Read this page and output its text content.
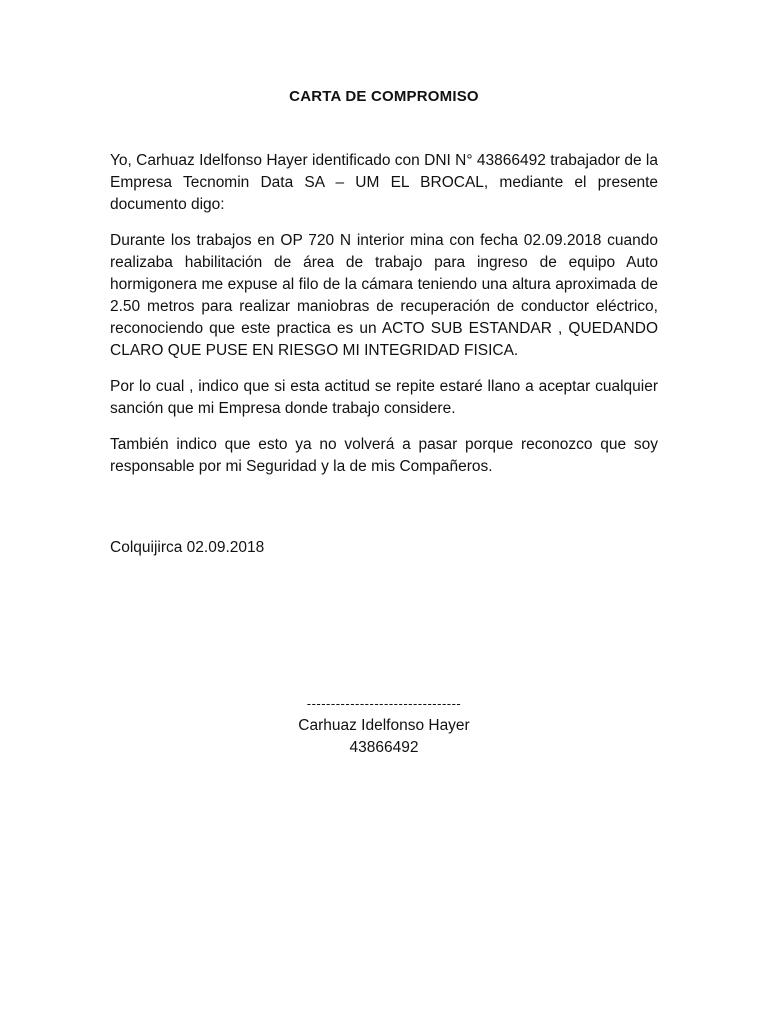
CARTA DE COMPROMISO

Yo, Carhuaz Idelfonso Hayer identificado con DNI N° 43866492 trabajador de la Empresa Tecnomin Data SA – UM EL BROCAL, mediante el presente documento digo:

Durante los trabajos en OP 720 N interior mina con fecha 02.09.2018 cuando realizaba habilitación de área de trabajo para ingreso de equipo Auto hormigonera me expuse al filo de la cámara teniendo una altura aproximada de 2.50 metros para realizar maniobras de recuperación de conductor eléctrico, reconociendo que este practica es un ACTO SUB ESTANDAR , QUEDANDO CLARO QUE PUSE EN RIESGO MI INTEGRIDAD FISICA.

Por lo cual , indico que si esta actitud se repite estaré llano a aceptar cualquier sanción que mi Empresa donde trabajo considere.

También indico que esto ya no volverá a pasar porque reconozco que soy responsable por mi Seguridad y la de mis Compañeros.

Colquijirca 02.09.2018
--------------------------------
Carhuaz Idelfonso Hayer
43866492
